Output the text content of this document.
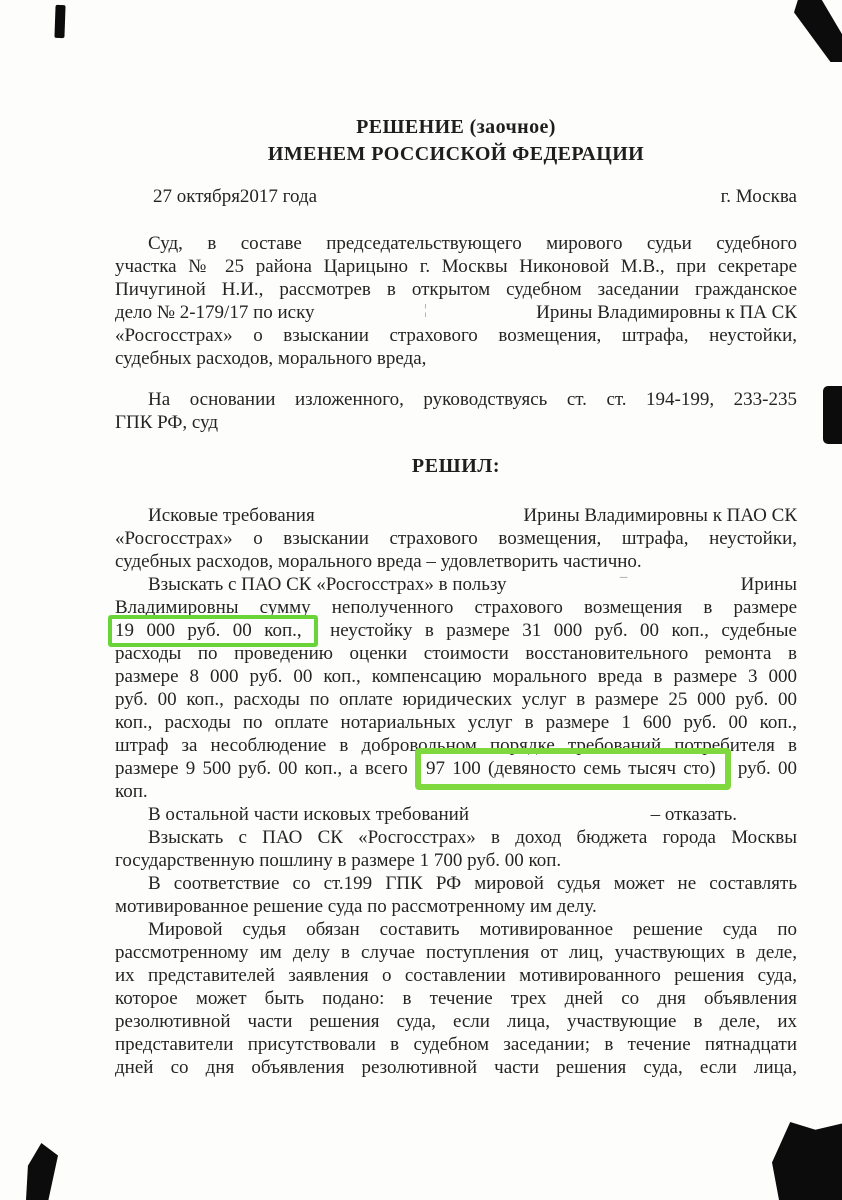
РЕШЕНИЕ (заочное)
ИМЕНЕМ РОССИСКОЙ ФЕДЕРАЦИИ
27 октября2017 года	г. Москва
Суд, в составе председательствующего мирового судьи судебного
участка № 25 района Царицыно г. Москвы Никоновой М.В., при секретаре
Пичугиной Н.И., рассмотрев в открытом судебном заседании гражданское
дело № 2-179/17 по иску	¦	Ирины Владимировны к ПА СК
«Росгосстрах» о взыскании страхового возмещения, штрафа, неустойки,
судебных расходов, морального вреда,
На основании изложенного, руководствуясь ст. ст. 194-199, 233-235
ГПК РФ, суд
РЕШИЛ:
Исковые требования	Ирины Владимировны к ПАО СК
«Росгосстрах» о взыскании страхового возмещения, штрафа, неустойки,
судебных расходов, морального вреда – удовлетворить частично.
Взыскать с ПАО СК «Росгосстрах» в пользу	–	Ирины
Владимировны сумму неполученного страхового возмещения в размере
19 000 руб. 00 коп., неустойку в размере 31 000 руб. 00 коп., судебные
расходы по проведению оценки стоимости восстановительного ремонта в
размере 8 000 руб. 00 коп., компенсацию морального вреда в размере 3 000
руб. 00 коп., расходы по оплате юридических услуг в размере 25 000 руб. 00
коп., расходы по оплате нотариальных услуг в размере 1 600 руб. 00 коп.,
штраф за несоблюдение в добровольном порядке требований потребителя в
размере 9 500 руб. 00 коп., а всего 97 100 (девяносто семь тысяч сто) руб. 00
коп.
В остальной части исковых требований	– отказать.
Взыскать с ПАО СК «Росгосстрах» в доход бюджета города Москвы
государственную пошлину в размере 1 700 руб. 00 коп.
В соответствие со ст.199 ГПК РФ мировой судья может не составлять
мотивированное решение суда по рассмотренному им делу.
Мировой судья обязан составить мотивированное решение суда по
рассмотренному им делу в случае поступления от лиц, участвующих в деле,
их представителей заявления о составлении мотивированного решения суда,
которое может быть подано: в течение трех дней со дня объявления
резолютивной части решения суда, если лица, участвующие в деле, их
представители присутствовали в судебном заседании; в течение пятнадцати
дней со дня объявления резолютивной части решения суда, если лица,
